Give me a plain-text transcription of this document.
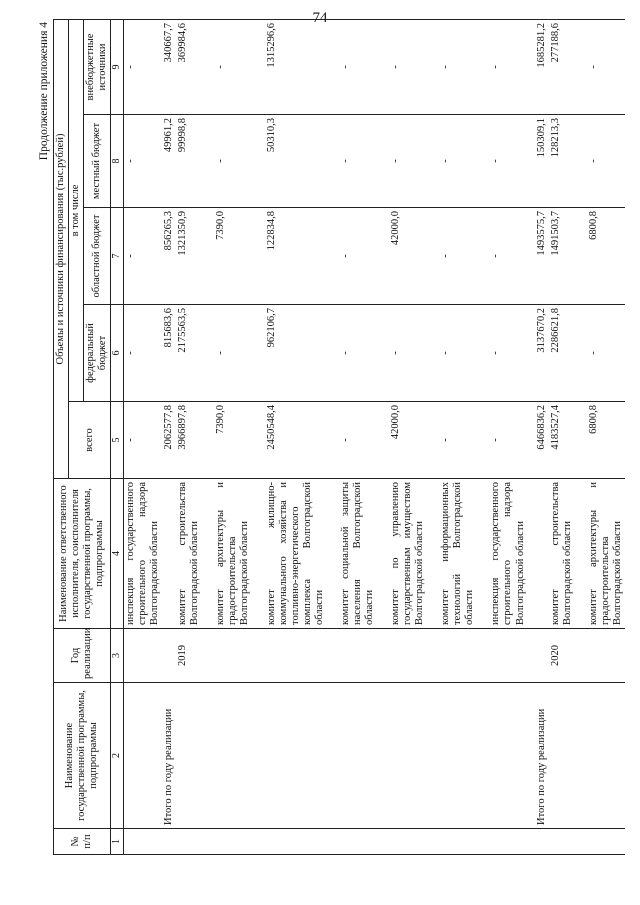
74
Продолжение приложения 4
№ п/п	Наименование государственной программы, подпрограммы	Год реализации	Наименование ответственного исполнителя, соисполнителя государственной программы, подпрограммы	Объемы и источники финансирования (тыс.рублей)				
				всего	в том числе			
					федеральный бюджет	областной бюджет	местный бюджет	внебюджетные источники
1	2	3	4	5	6	7	8	9
			инспекция государственного строительного надзора Волгоградской области	-	-	-	-	-
	Итого по году реализации			2062577,8	815683,6	856265,3	49961,2	340667,7
		2019	комитет строительства Волгоградской области	3966897,8	2175563,5	1321350,9	99998,8	369984,6

			комитет архитектуры и градостроительства Волгоградской области	7390,0	-	7390,0	-	-

			комитет жилищно-коммунального хозяйства и топливно-энергетического комплекса Волгоградской области	2450548,4	962106,7	122834,8	50310,3	1315296,6

			комитет социальной защиты населения Волгоградской области	-	-	-	-	-

			комитет по управлению государственным имуществом Волгоградской области	42000,0	-	42000,0	-	-

			комитет информационных технологий Волгоградской области	-	-	-	-	-

			инспекция государственного строительного надзора Волгоградской области	-	-	-	-	-
	Итого по году реализации			6466836,2	3137670,2	1493575,7	150309,1	1685281,2
		2020	комитет строительства Волгоградской области	4183527,4	2286621,8	1491503,7	128213,3	277188,6

			комитет архитектуры и градостроительства Волгоградской области	6800,8	-	6800,8	-	-
